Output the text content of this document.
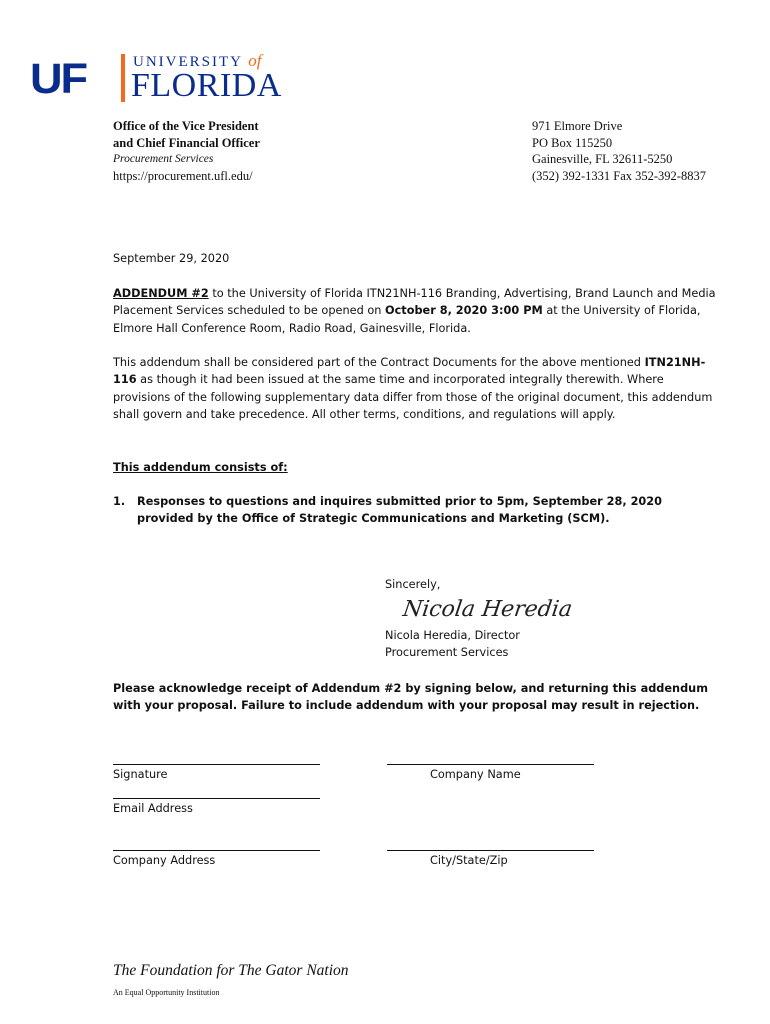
UF	UNIVERSITY of
FLORIDA
Office of the Vice President
and Chief Financial Officer
Procurement Services
https://procurement.ufl.edu/
971 Elmore Drive
PO Box 115250
Gainesville, FL 32611-5250
(352) 392-1331 Fax 352-392-8837
September 29, 2020

ADDENDUM #2 to the University of Florida ITN21NH-116 Branding, Advertising, Brand Launch and Media Placement Services scheduled to be opened on October 8, 2020 3:00 PM at the University of Florida, Elmore Hall Conference Room, Radio Road, Gainesville, Florida.

This addendum shall be considered part of the Contract Documents for the above mentioned ITN21NH-116 as though it had been issued at the same time and incorporated integrally therewith. Where provisions of the following supplementary data differ from those of the original document, this addendum shall govern and take precedence. All other terms, conditions, and regulations will apply.

This addendum consists of:
1.	Responses to questions and inquires submitted prior to 5pm, September 28, 2020 provided by the Office of Strategic Communications and Marketing (SCM).
Sincerely,
Nicola Heredia
Nicola Heredia, Director
Procurement Services
Please acknowledge receipt of Addendum #2 by signing below, and returning this addendum with your proposal. Failure to include addendum with your proposal may result in rejection.
Signature	Company Name
Email Address
Company Address	City/State/Zip
The Foundation for The Gator Nation
An Equal Opportunity Institution
